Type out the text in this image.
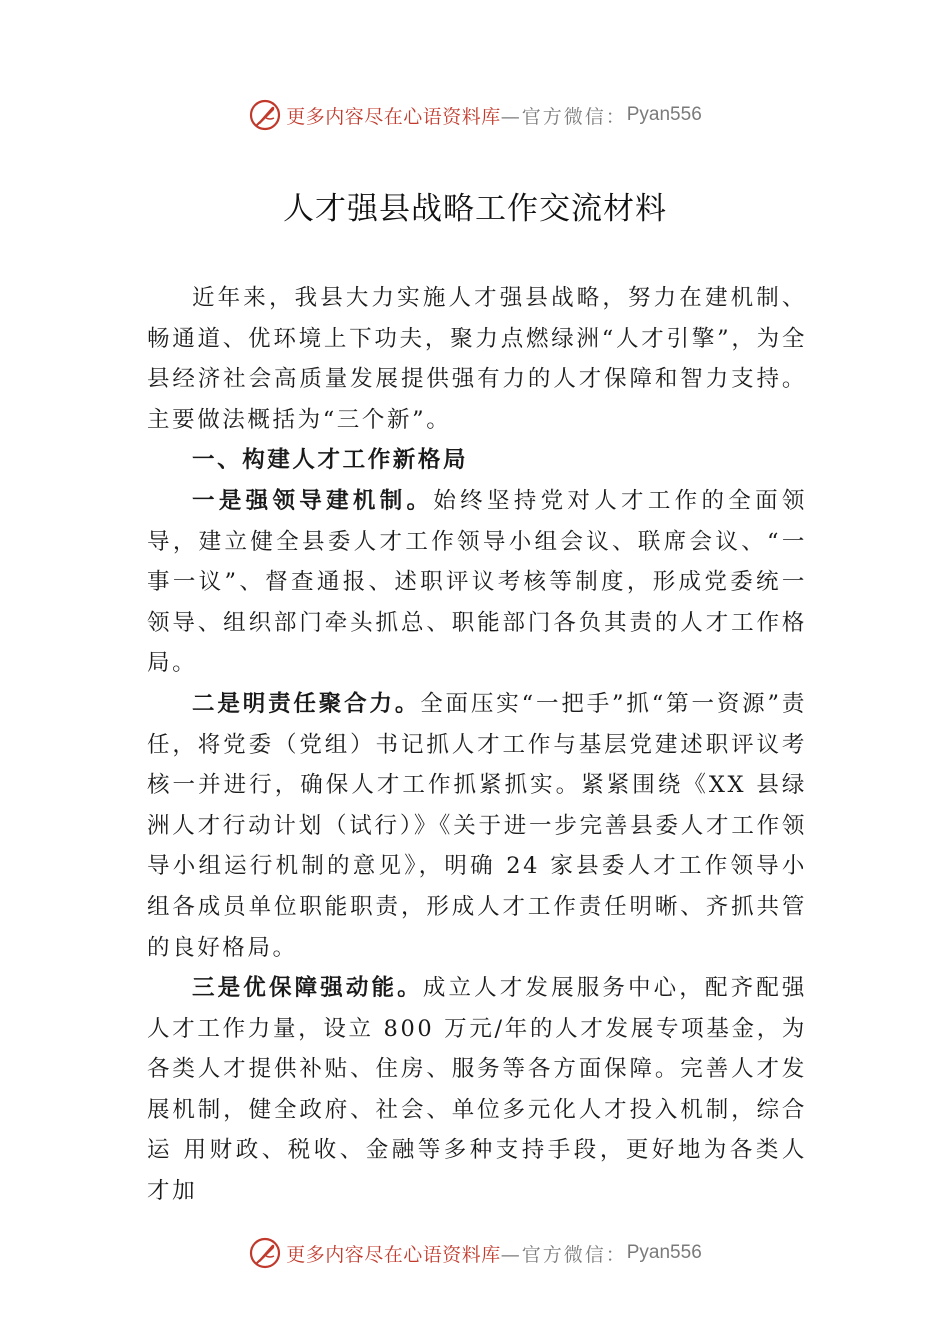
更多内容尽在心语资料库 —官方微信： Pyan556
人才强县战略工作交流材料

近年来，我县大力实施人才强县战略，努力在建机制、畅通道、优环境上下功夫，聚力点燃绿洲“人才引擎”，为全县经济社会高质量发展提供强有力的人才保障和智力支持。 主要做法概括为“三个新”。

一、构建人才工作新格局

一是强领导建机制。始终坚持党对人才工作的全面领导，建立健全县委人才工作领导小组会议、联席会议、“一事一议”、督查通报、述职评议考核等制度，形成党委统一领导、组织部门牵头抓总、职能部门各负其责的人才工作格局。

二是明责任聚合力。全面压实“一把手”抓“第一资源”责任，将党委（党组）书记抓人才工作与基层党建述职评议考核一并进行，确保人才工作抓紧抓实。紧紧围绕《XX 县绿洲人才行动计划（试行）》《关于进一步完善县委人才工作领导小组运行机制的意见》，明确 24 家县委人才工作领导小组各成员单位职能职责，形成人才工作责任明晰、齐抓共管的良好格局。

三是优保障强动能。成立人才发展服务中心，配齐配强人才工作力量，设立 800 万元/年的人才发展专项基金，为各类人才提供补贴、住房、服务等各方面保障。完善人才发展机制，健全政府、社会、单位多元化人才投入机制，综合运 用财政、税收、金融等多种支持手段，更好地为各类人才加

更多内容尽在心语资料库 —官方微信： Pyan556
